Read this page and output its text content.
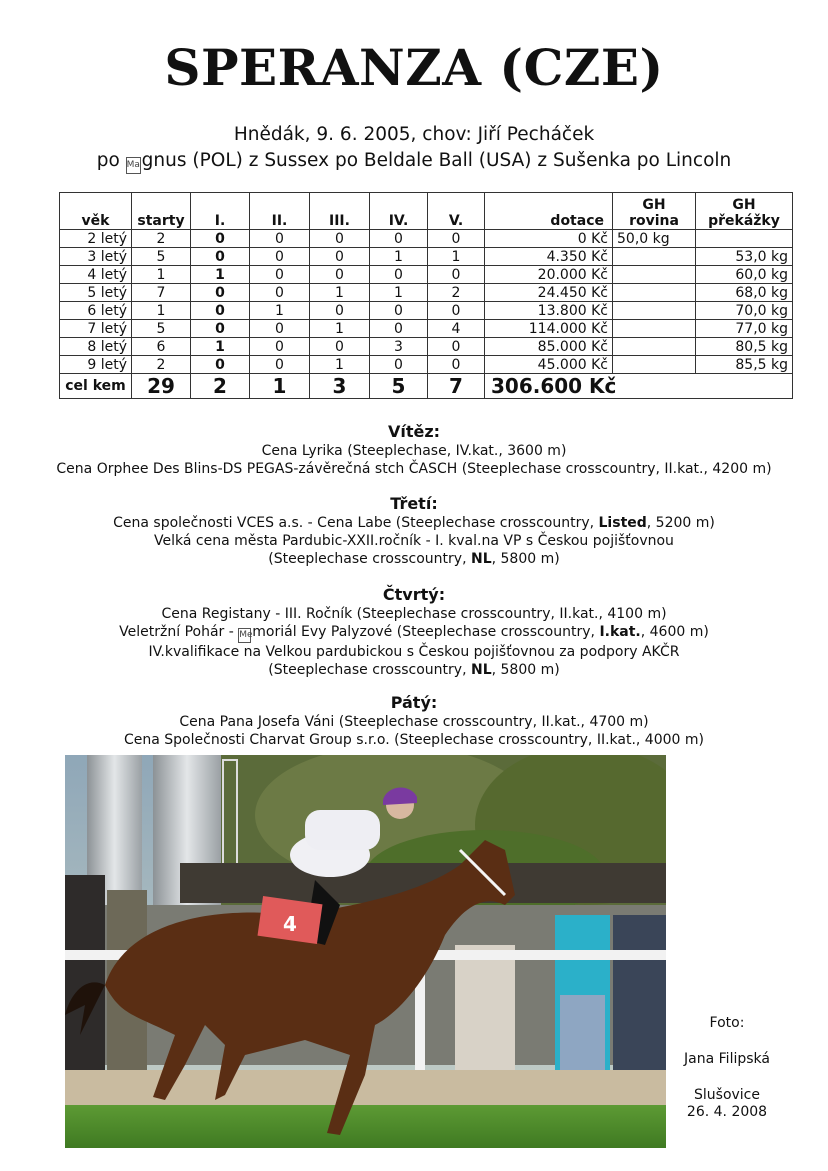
SPERANZA (CZE)
Hnědák, 9. 6. 2005, chov: Jiří Pecháček
po Magnus (POL) z Sussex po Beldale Ball (USA) z Sušenka po Lincoln
věk	starty	I.	II.	III.	IV.	V.	dotace	GH
rovina	GH
překážky
2 letý	2	0	0	0	0	0	0 Kč	50,0 kg	
3 letý	5	0	0	0	1	1	4.350 Kč		53,0 kg
4 letý	1	1	0	0	0	0	20.000 Kč		60,0 kg
5 letý	7	0	0	1	1	2	24.450 Kč		68,0 kg
6 letý	1	0	1	0	0	0	13.800 Kč		70,0 kg
7 letý	5	0	0	1	0	4	114.000 Kč		77,0 kg
8 letý	6	1	0	0	3	0	85.000 Kč		80,5 kg
9 letý	2	0	0	1	0	0	45.000 Kč		85,5 kg
cel kem	29	2	1	3	5	7	306.600 Kč		
Vítěz:
Cena Lyrika (Steeplechase, IV.kat., 3600 m)
Cena Orphee Des Blins-DS PEGAS-závěrečná stch ČASCH (Steeplechase crosscountry, II.kat., 4200 m)
Třetí:
Cena společnosti VCES a.s. - Cena Labe (Steeplechase crosscountry, Listed, 5200 m)
Velká cena města Pardubic-XXII.ročník - I. kval.na VP s Českou pojišťovnou
(Steeplechase crosscountry, NL, 5800 m)
Čtvrtý:
Cena Registany - III. Ročník (Steeplechase crosscountry, II.kat., 4100 m)
Veletržní Pohár - Memoriál Evy Palyzové (Steeplechase crosscountry, I.kat., 4600 m)
IV.kvalifikace na Velkou pardubickou s Českou pojišťovnou za podpory AKČR
(Steeplechase crosscountry, NL, 5800 m)
Pátý:
Cena Pana Josefa Váni (Steeplechase crosscountry, II.kat., 4700 m)
Cena Společnosti Charvat Group s.r.o. (Steeplechase crosscountry, II.kat., 4000 m)
4
Foto:
Jana Filipská
Slušovice
26. 4. 2008
